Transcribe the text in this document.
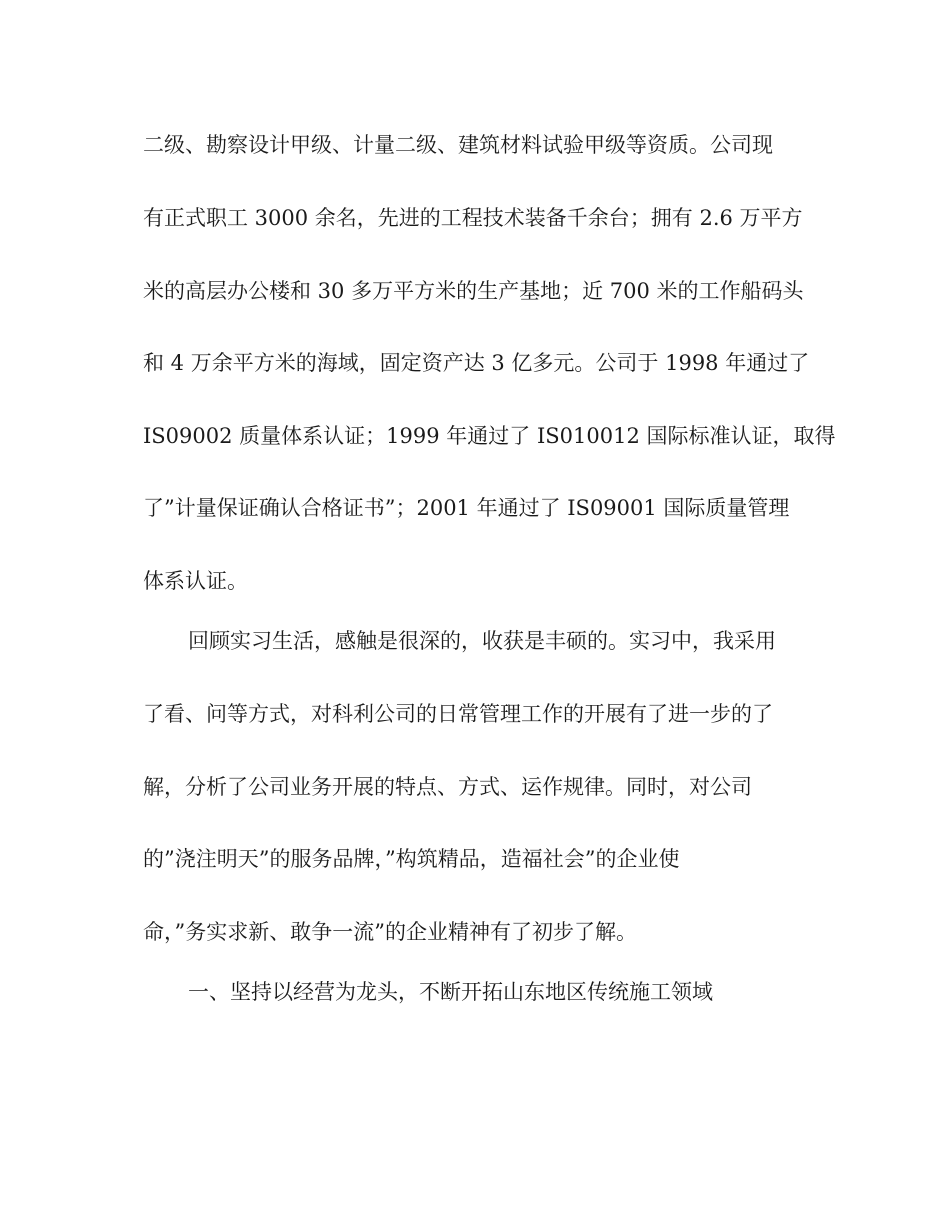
二级、勘察设计甲级、计量二级、建筑材料试验甲级等资质。公司现
有正式职工 3000 余名，先进的工程技术装备千余台；拥有 2.6 万平方
米的高层办公楼和 30 多万平方米的生产基地；近 700 米的工作船码头
和 4 万余平方米的海域，固定资产达 3 亿多元。公司于 1998 年通过了
IS09002 质量体系认证；1999 年通过了 IS010012 国际标准认证，取得
了”计量保证确认合格证书”；2001 年通过了 IS09001 国际质量管理
体系认证。
回顾实习生活，感触是很深的，收获是丰硕的。实习中，我采用
了看、问等方式，对科利公司的日常管理工作的开展有了进一步的了
解，分析了公司业务开展的特点、方式、运作规律。同时，对公司
的”浇注明天”的服务品牌，”构筑精品，造福社会”的企业使
命，”务实求新、敢争一流”的企业精神有了初步了解。
一、坚持以经营为龙头，不断开拓山东地区传统施工领域
